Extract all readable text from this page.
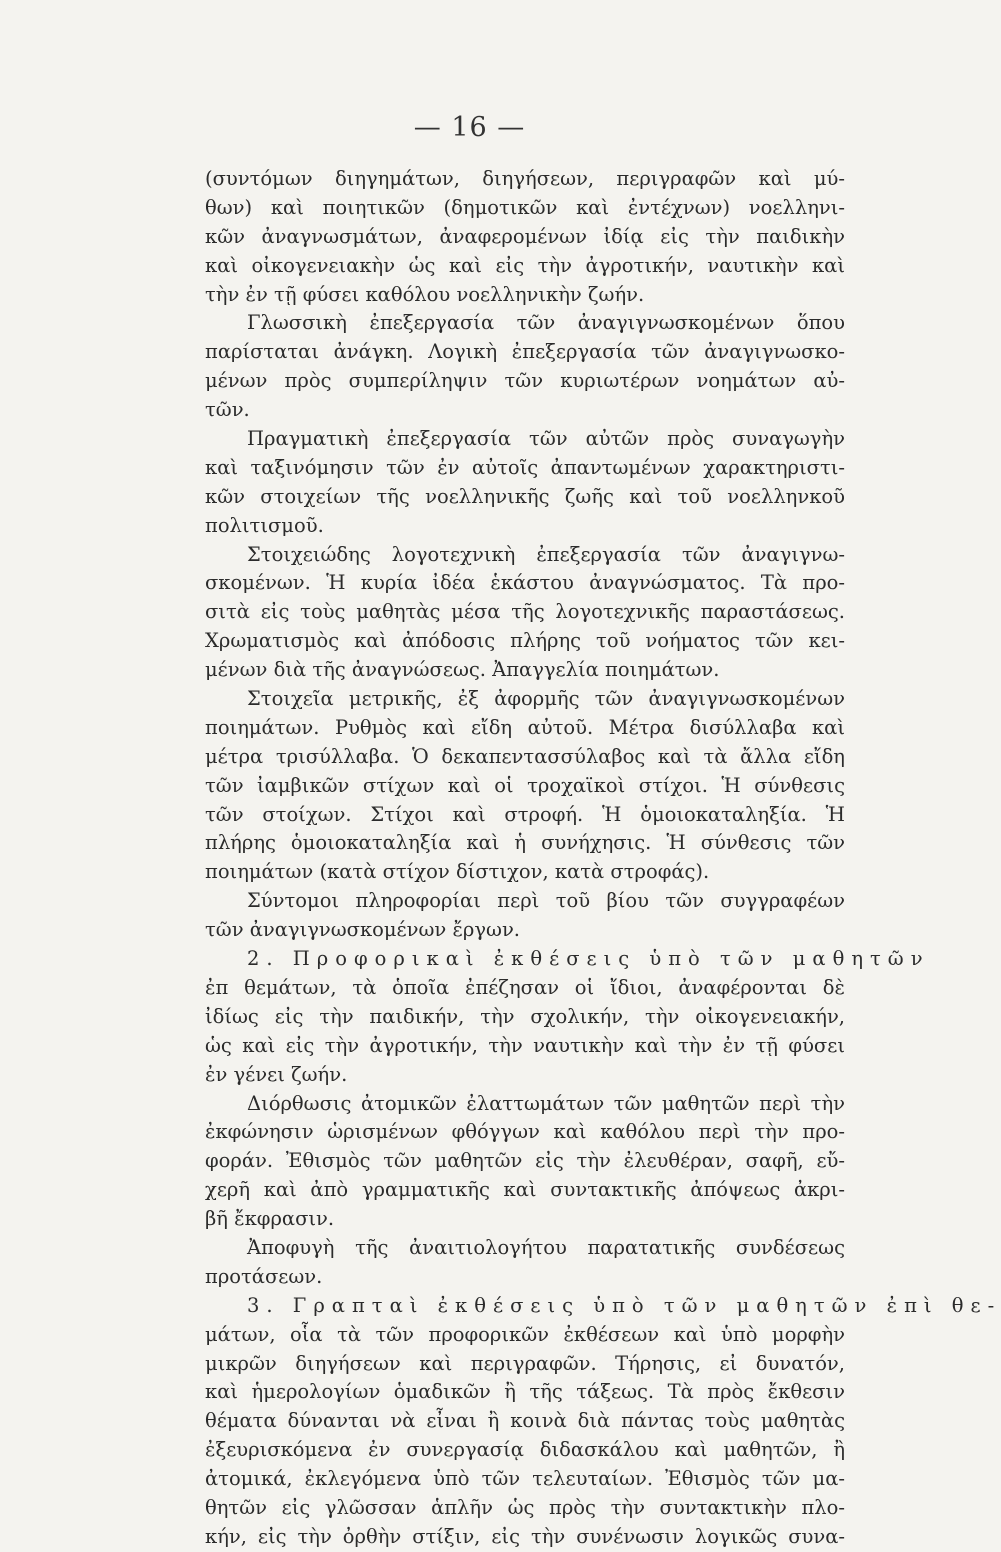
— 16 —
(συντόμων διηγημάτων, διηγήσεων, περιγραφῶν καὶ μύ-
θων) καὶ ποιητικῶν (δημοτικῶν καὶ ἐντέχνων) νοελληνι-
κῶν ἀναγνωσμάτων, ἀναφερομένων ἰδίᾳ εἰς τὴν παιδικὴν
καὶ οἰκογενειακὴν ὡς καὶ εἰς τὴν ἀγροτικήν, ναυτικὴν καὶ
τὴν ἐν τῇ φύσει καθόλου νοελληνικὴν ζωήν.
Γλωσσικὴ ἐπεξεργασία τῶν ἀναγιγνωσκομένων ὅπου
παρίσταται ἀνάγκη. Λογικὴ ἐπεξεργασία τῶν ἀναγιγνωσκο-
μένων πρὸς συμπερίληψιν τῶν κυριωτέρων νοημάτων αὐ-
τῶν.
Πραγματικὴ ἐπεξεργασία τῶν αὐτῶν πρὸς συναγωγὴν
καὶ ταξινόμησιν τῶν ἐν αὐτοῖς ἀπαντωμένων χαρακτηριστι-
κῶν στοιχείων τῆς νοελληνικῆς ζωῆς καὶ τοῦ νοελληνκοῦ
πολιτισμοῦ.
Στοιχειώδης λογοτεχνικὴ ἐπεξεργασία τῶν ἀναγιγνω-
σκομένων. Ἡ κυρία ἰδέα ἑκάστου ἀναγνώσματος. Τὰ προ-
σιτὰ εἰς τοὺς μαθητὰς μέσα τῆς λογοτεχνικῆς παραστάσεως.
Χρωματισμὸς καὶ ἀπόδοσις πλήρης τοῦ νοήματος τῶν κει-
μένων διὰ τῆς ἀναγνώσεως. Ἀπαγγελία ποιημάτων.
Στοιχεῖα μετρικῆς, ἐξ ἀφορμῆς τῶν ἀναγιγνωσκομένων
ποιημάτων. Ρυθμὸς καὶ εἴδη αὐτοῦ. Μέτρα δισύλλαβα καὶ
μέτρα τρισύλλαβα. Ὁ δεκαπεντασσύλαβος καὶ τὰ ἄλλα εἴδη
τῶν ἰαμβικῶν στίχων καὶ οἱ τροχαϊκοὶ στίχοι. Ἡ σύνθεσις
τῶν στοίχων. Στίχοι καὶ στροφή. Ἡ ὁμοιοκαταληξία. Ἡ
πλήρης ὁμοιοκαταληξία καὶ ἡ συνήχησις. Ἡ σύνθεσις τῶν
ποιημάτων (κατὰ στίχον δίστιχον, κατὰ στροφάς).
Σύντομοι πληροφορίαι περὶ τοῦ βίου τῶν συγγραφέων
τῶν ἀναγιγνωσκομένων ἔργων.
2. Προφορικαὶ ἐκθέσεις ὑπὸ τῶν μαθητῶν
ἐπ θεμάτων, τὰ ὁποῖα ἐπέζησαν οἱ ἴδιοι, ἀναφέρονται δὲ
ἰδίως εἰς τὴν παιδικήν, τὴν σχολικήν, τὴν οἰκογενειακήν,
ὡς καὶ εἰς τὴν ἀγροτικήν, τὴν ναυτικὴν καὶ τὴν ἐν τῇ φύσει
ἐν γένει ζωήν.
Διόρθωσις ἀτομικῶν ἐλαττωμάτων τῶν μαθητῶν περὶ τὴν
ἐκφώνησιν ὡρισμένων φθόγγων καὶ καθόλου περὶ τὴν προ-
φοράν. Ἐθισμὸς τῶν μαθητῶν εἰς τὴν ἐλευθέραν, σαφῆ, εὔ-
χερῆ καὶ ἀπὸ γραμματικῆς καὶ συντακτικῆς ἀπόψεως ἀκρι-
βῆ ἔκφρασιν.
Ἀποφυγὴ τῆς ἀναιτιολογήτου παρατατικῆς συνδέσεως
προτάσεων.
3. Γραπταὶ ἐκθέσεις ὑπὸ τῶν μαθητῶν ἐπὶ θε-
μάτων, οἷα τὰ τῶν προφορικῶν ἐκθέσεων καὶ ὑπὸ μορφὴν
μικρῶν διηγήσεων καὶ περιγραφῶν. Τήρησις, εἰ δυνατόν,
καὶ ἡμερολογίων ὁμαδικῶν ἢ τῆς τάξεως. Τὰ πρὸς ἔκθεσιν
θέματα δύνανται νὰ εἶναι ἢ κοινὰ διὰ πάντας τοὺς μαθητὰς
ἐξευρισκόμενα ἐν συνεργασίᾳ διδασκάλου καὶ μαθητῶν, ἢ
ἀτομικά, ἐκλεγόμενα ὑπὸ τῶν τελευταίων. Ἐθισμὸς τῶν μα-
θητῶν εἰς γλῶσσαν ἁπλῆν ὡς πρὸς τὴν συντακτικὴν πλο-
κήν, εἰς τὴν ὀρθὴν στίξιν, εἰς τὴν συνένωσιν λογικῶς συνα-
